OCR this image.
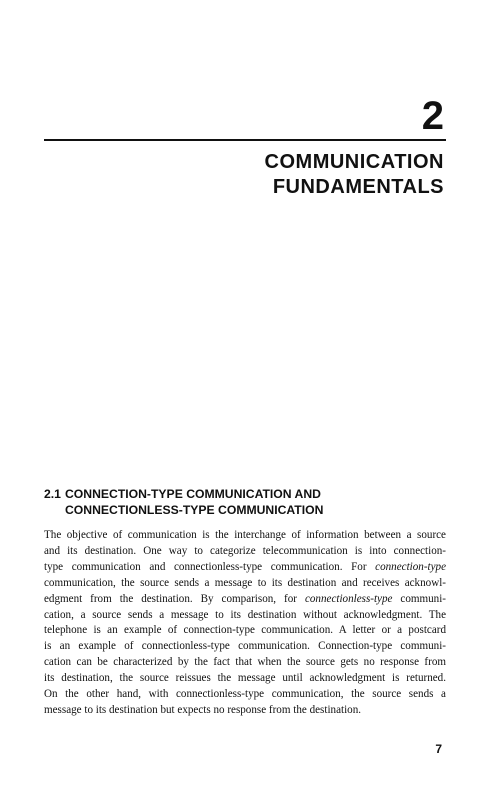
2
COMMUNICATION
FUNDAMENTALS
2.1 CONNECTION-TYPE COMMUNICATION AND
CONNECTIONLESS-TYPE COMMUNICATION
The objective of communication is the interchange of information between a source
and its destination. One way to categorize telecommunication is into connection-
type communication and connectionless-type communication. For connection-type
communication, the source sends a message to its destination and receives acknowl-
edgment from the destination. By comparison, for connectionless-type communi-
cation, a source sends a message to its destination without acknowledgment. The
telephone is an example of connection-type communication. A letter or a postcard
is an example of connectionless-type communication. Connection-type communi-
cation can be characterized by the fact that when the source gets no response from
its destination, the source reissues the message until acknowledgment is returned.
On the other hand, with connectionless-type communication, the source sends a
message to its destination but expects no response from the destination.
7
